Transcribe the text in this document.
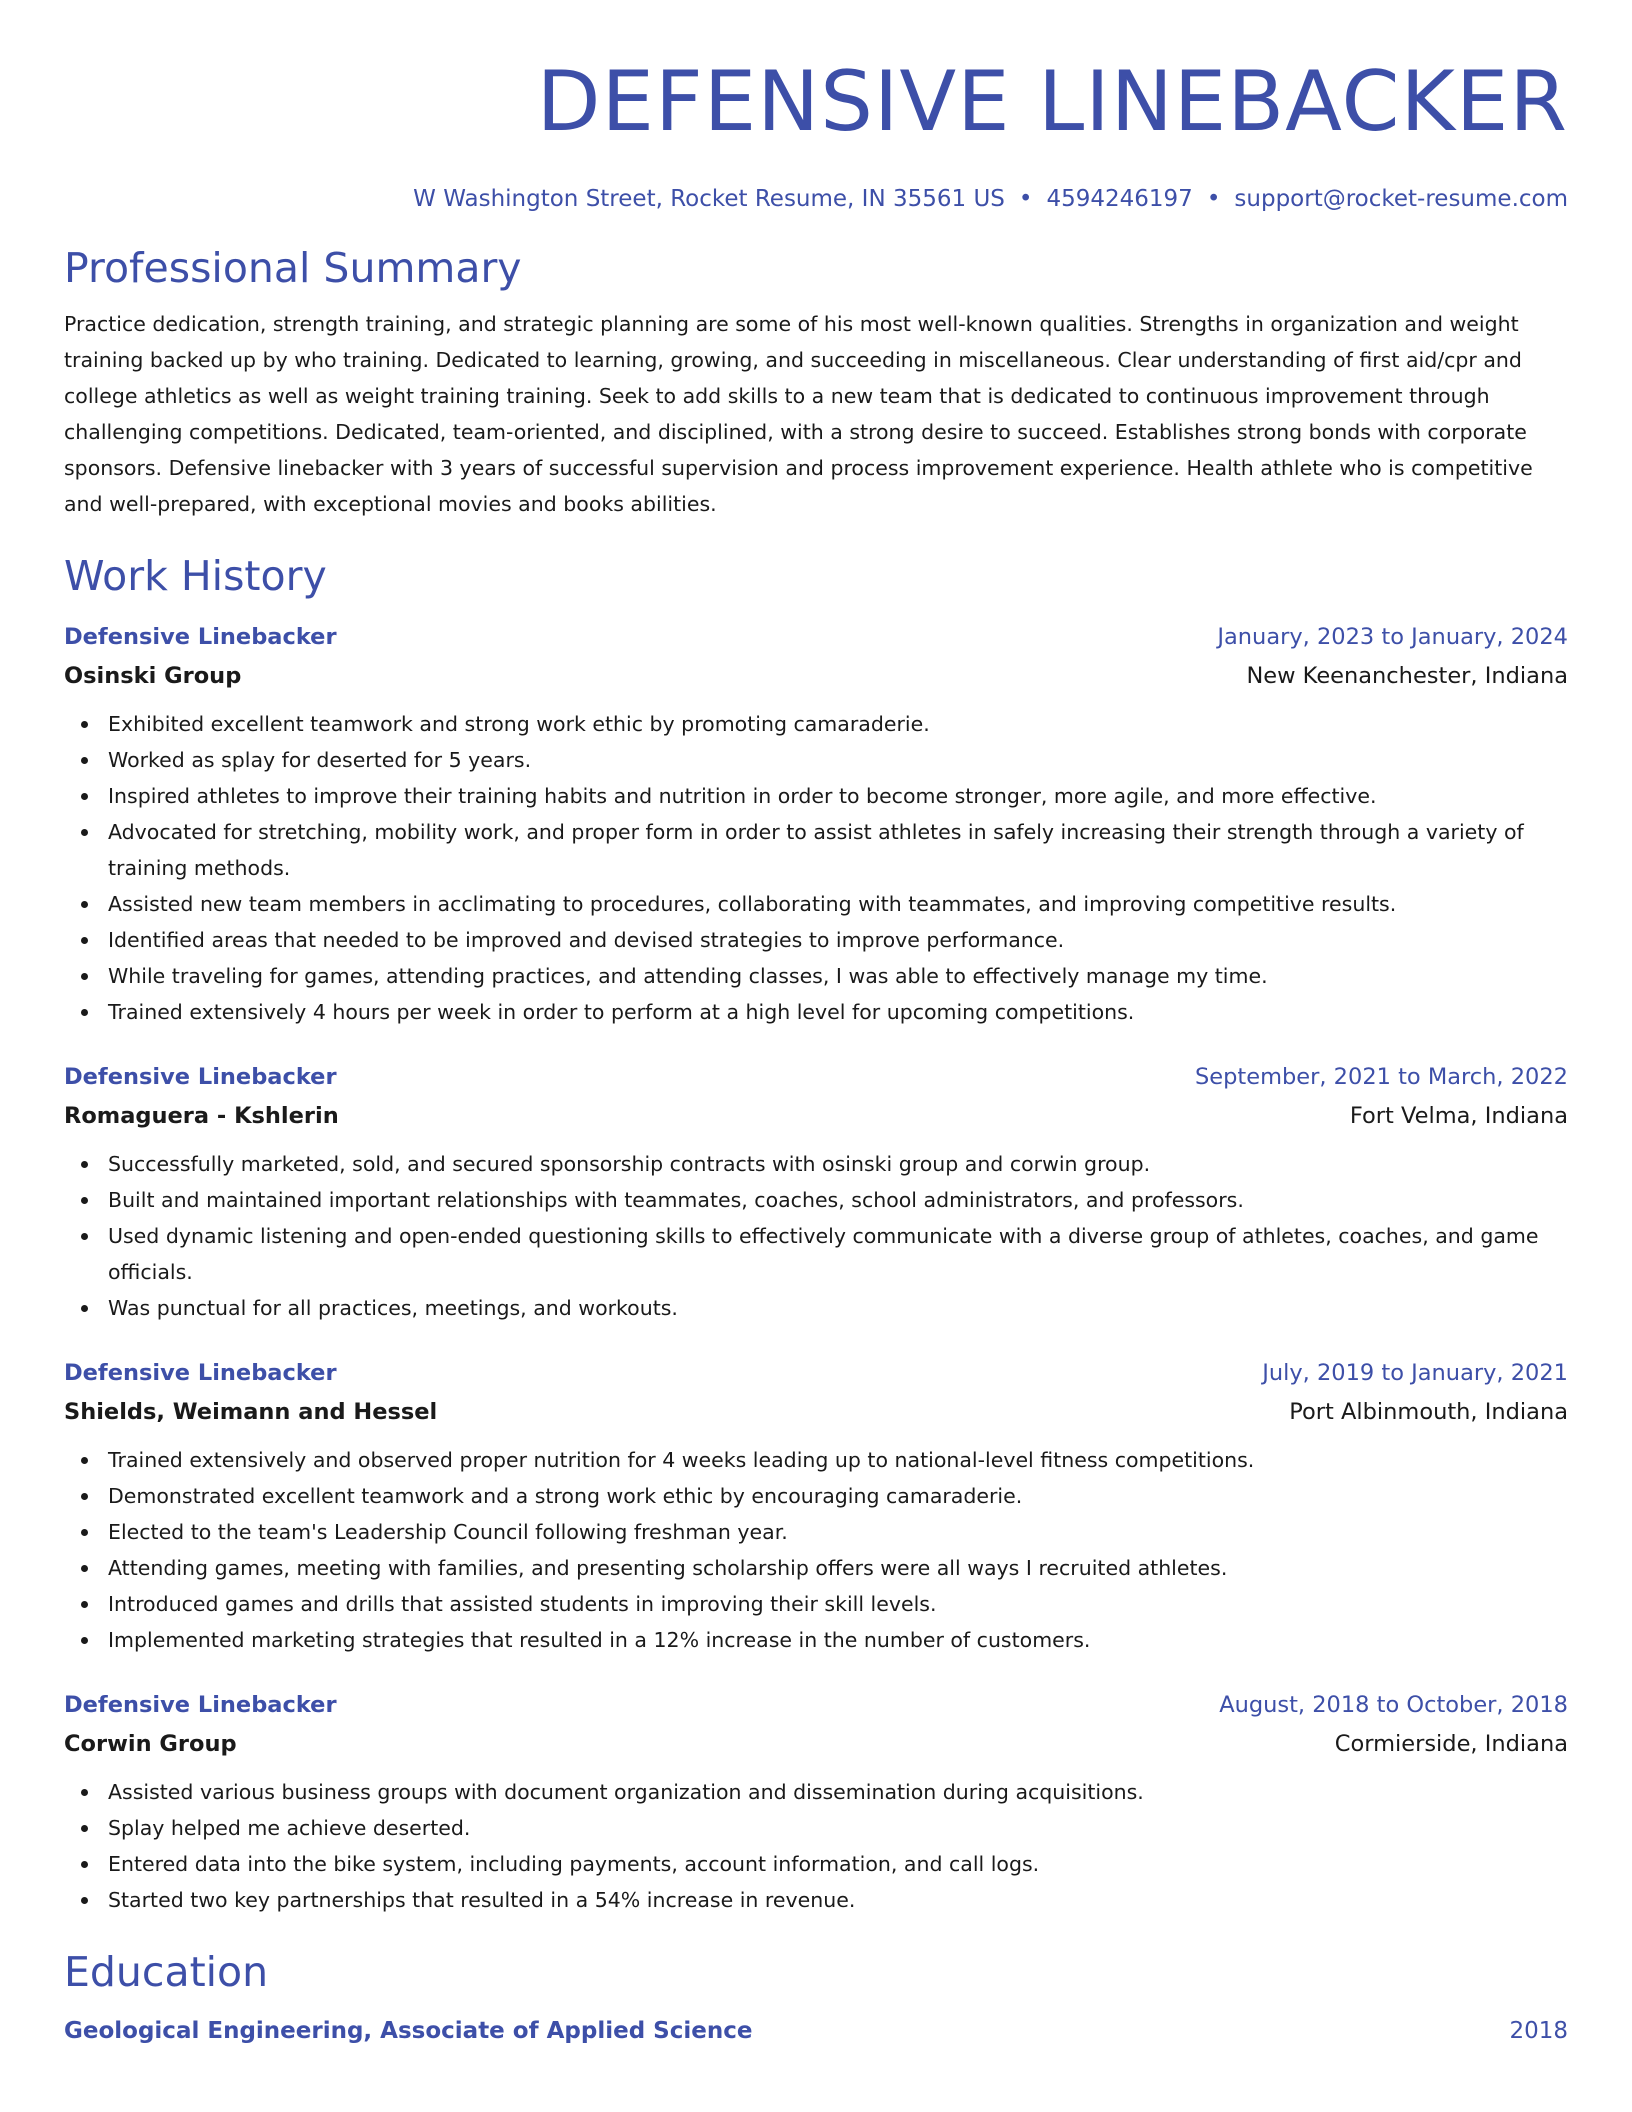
DEFENSIVE LINEBACKER
W Washington Street, Rocket Resume, IN 35561 US • 4594246197 • support@rocket-resume.com
Professional Summary

Practice dedication, strength training, and strategic planning are some of his most well-known qualities. Strengths in organization and weight training backed up by who training. Dedicated to learning, growing, and succeeding in miscellaneous. Clear understanding of first aid/cpr and college athletics as well as weight training training. Seek to add skills to a new team that is dedicated to continuous improvement through challenging competitions. Dedicated, team-oriented, and disciplined, with a strong desire to succeed. Establishes strong bonds with corporate sponsors. Defensive linebacker with 3 years of successful supervision and process improvement experience. Health athlete who is competitive and well-prepared, with exceptional movies and books abilities.

Work History
Defensive Linebacker	January, 2023 to January, 2024
Osinski Group	New Keenanchester, Indiana
Exhibited excellent teamwork and strong work ethic by promoting camaraderie.
Worked as splay for deserted for 5 years.
Inspired athletes to improve their training habits and nutrition in order to become stronger, more agile, and more effective.
Advocated for stretching, mobility work, and proper form in order to assist athletes in safely increasing their strength through a variety of training methods.
Assisted new team members in acclimating to procedures, collaborating with teammates, and improving competitive results.
Identified areas that needed to be improved and devised strategies to improve performance.
While traveling for games, attending practices, and attending classes, I was able to effectively manage my time.
Trained extensively 4 hours per week in order to perform at a high level for upcoming competitions.
Defensive Linebacker	September, 2021 to March, 2022
Romaguera - Kshlerin	Fort Velma, Indiana
Successfully marketed, sold, and secured sponsorship contracts with osinski group and corwin group.
Built and maintained important relationships with teammates, coaches, school administrators, and professors.
Used dynamic listening and open-ended questioning skills to effectively communicate with a diverse group of athletes, coaches, and game officials.
Was punctual for all practices, meetings, and workouts.
Defensive Linebacker	July, 2019 to January, 2021
Shields, Weimann and Hessel	Port Albinmouth, Indiana
Trained extensively and observed proper nutrition for 4 weeks leading up to national-level fitness competitions.
Demonstrated excellent teamwork and a strong work ethic by encouraging camaraderie.
Elected to the team's Leadership Council following freshman year.
Attending games, meeting with families, and presenting scholarship offers were all ways I recruited athletes.
Introduced games and drills that assisted students in improving their skill levels.
Implemented marketing strategies that resulted in a 12% increase in the number of customers.
Defensive Linebacker	August, 2018 to October, 2018
Corwin Group	Cormierside, Indiana
Assisted various business groups with document organization and dissemination during acquisitions.
Splay helped me achieve deserted.
Entered data into the bike system, including payments, account information, and call logs.
Started two key partnerships that resulted in a 54% increase in revenue.
Education
Geological Engineering, Associate of Applied Science	2018
